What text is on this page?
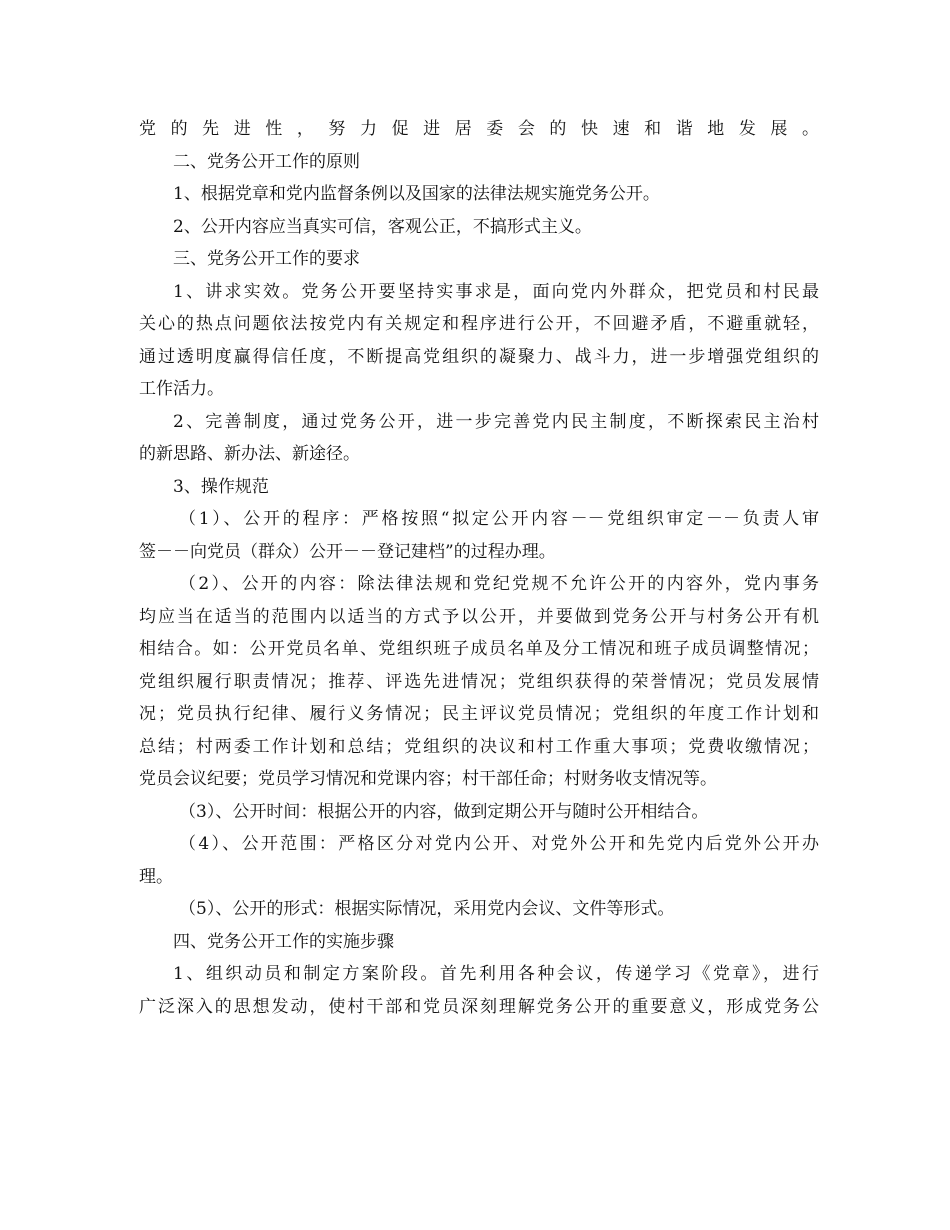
党的先进性，努力促进居委会的快速和谐地发展。
二、党务公开工作的原则
1、根据党章和党内监督条例以及国家的法律法规实施党务公开。
2、公开内容应当真实可信，客观公正，不搞形式主义。
三、党务公开工作的要求
1、讲求实效。党务公开要坚持实事求是，面向党内外群众，把党员和村民最
关心的热点问题依法按党内有关规定和程序进行公开，不回避矛盾，不避重就轻，
通过透明度赢得信任度，不断提高党组织的凝聚力、战斗力，进一步增强党组织的
工作活力。
2、完善制度，通过党务公开，进一步完善党内民主制度，不断探索民主治村
的新思路、新办法、新途径。
3、操作规范
（1）、公开的程序：严格按照“拟定公开内容－－党组织审定－－负责人审
签－－向党员（群众）公开－－登记建档”的过程办理。
（2）、公开的内容：除法律法规和党纪党规不允许公开的内容外，党内事务
均应当在适当的范围内以适当的方式予以公开，并要做到党务公开与村务公开有机
相结合。如：公开党员名单、党组织班子成员名单及分工情况和班子成员调整情况；
党组织履行职责情况；推荐、评选先进情况；党组织获得的荣誉情况；党员发展情
况；党员执行纪律、履行义务情况；民主评议党员情况；党组织的年度工作计划和
总结；村两委工作计划和总结；党组织的决议和村工作重大事项；党费收缴情况；
党员会议纪要；党员学习情况和党课内容；村干部任命；村财务收支情况等。
（3）、公开时间：根据公开的内容，做到定期公开与随时公开相结合。
（4）、公开范围：严格区分对党内公开、对党外公开和先党内后党外公开办
理。
（5）、公开的形式：根据实际情况，采用党内会议、文件等形式。
四、党务公开工作的实施步骤
1、组织动员和制定方案阶段。首先利用各种会议，传递学习《党章》，进行
广泛深入的思想发动，使村干部和党员深刻理解党务公开的重要意义，形成党务公
